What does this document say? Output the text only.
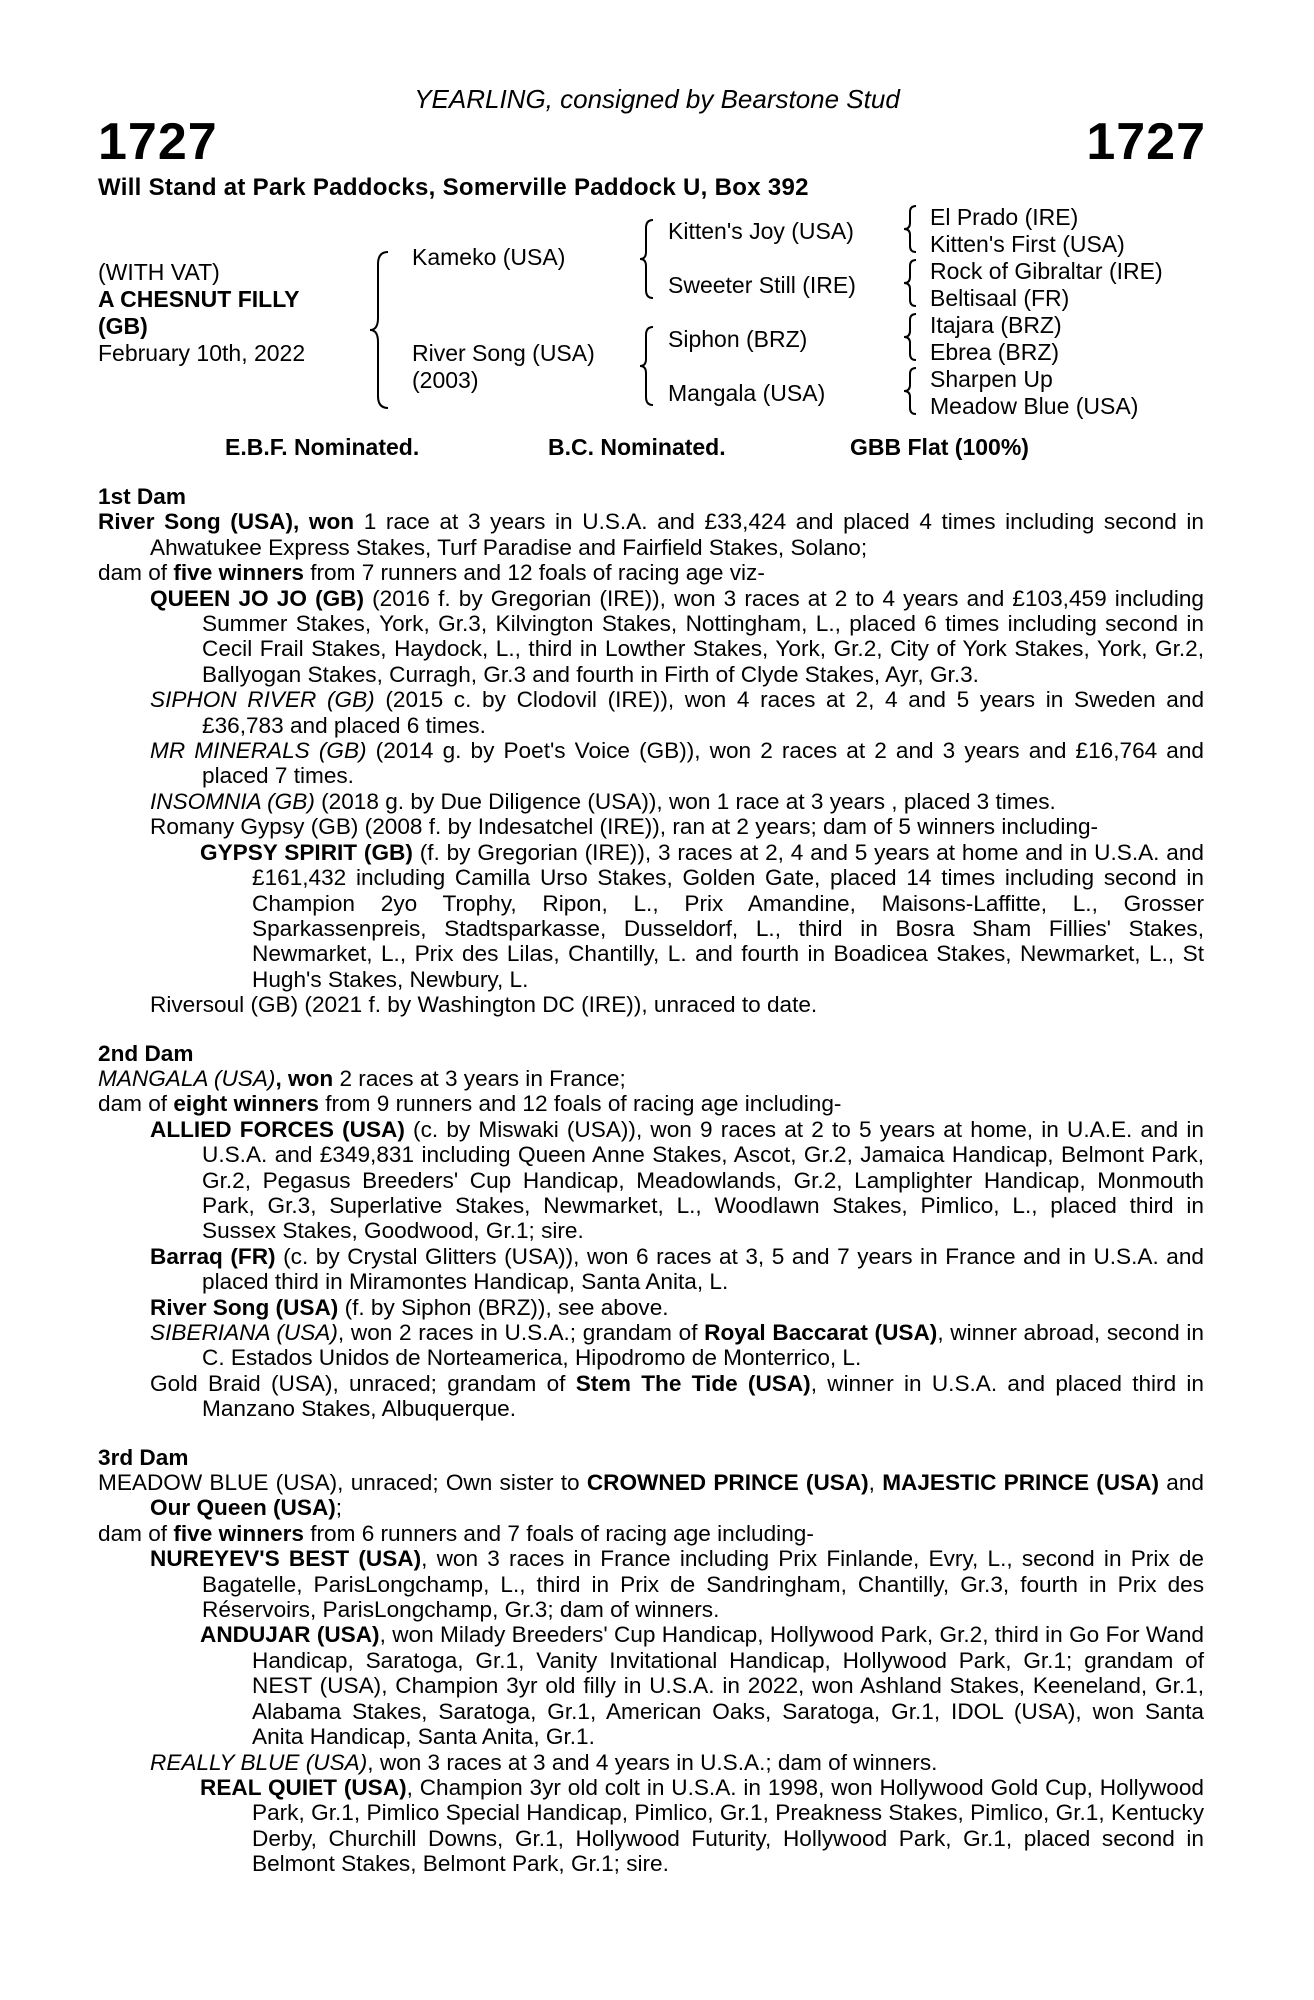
YEARLING, consigned by Bearstone Stud
1727	1727
Will Stand at Park Paddocks, Somerville Paddock U, Box 392
(WITH VAT)
A CHESNUT FILLY
(GB)
February 10th, 2022
Kameko (USA)
River Song (USA)
(2003)
Kitten's Joy (USA)
Sweeter Still (IRE)
Siphon (BRZ)
Mangala (USA)
El Prado (IRE)
Kitten's First (USA)
Rock of Gibraltar (IRE)
Beltisaal (FR)
Itajara (BRZ)
Ebrea (BRZ)
Sharpen Up
Meadow Blue (USA)
E.B.F. Nominated.	B.C. Nominated.	GBB Flat (100%)
1st Dam

River Song (USA), won 1 race at 3 years in U.S.A. and £33,424 and placed 4 times including second in Ahwatukee Express Stakes, Turf Paradise and Fairfield Stakes, Solano;

dam of five winners from 7 runners and 12 foals of racing age viz-

QUEEN JO JO (GB) (2016 f. by Gregorian (IRE)), won 3 races at 2 to 4 years and £103,459 including Summer Stakes, York, Gr.3, Kilvington Stakes, Nottingham, L., placed 6 times including second in Cecil Frail Stakes, Haydock, L., third in Lowther Stakes, York, Gr.2, City of York Stakes, York, Gr.2, Ballyogan Stakes, Curragh, Gr.3 and fourth in Firth of Clyde Stakes, Ayr, Gr.3.

SIPHON RIVER (GB) (2015 c. by Clodovil (IRE)), won 4 races at 2, 4 and 5 years in Sweden and £36,783 and placed 6 times.

MR MINERALS (GB) (2014 g. by Poet's Voice (GB)), won 2 races at 2 and 3 years and £16,764 and placed 7 times.

INSOMNIA (GB) (2018 g. by Due Diligence (USA)), won 1 race at 3 years , placed 3 times.

Romany Gypsy (GB) (2008 f. by Indesatchel (IRE)), ran at 2 years; dam of 5 winners including-

GYPSY SPIRIT (GB) (f. by Gregorian (IRE)), 3 races at 2, 4 and 5 years at home and in U.S.A. and £161,432 including Camilla Urso Stakes, Golden Gate, placed 14 times including second in Champion 2yo Trophy, Ripon, L., Prix Amandine, Maisons-Laffitte, L., Grosser Sparkassenpreis, Stadtsparkasse, Dusseldorf, L., third in Bosra Sham Fillies' Stakes, Newmarket, L., Prix des Lilas, Chantilly, L. and fourth in Boadicea Stakes, Newmarket, L., St Hugh's Stakes, Newbury, L.

Riversoul (GB) (2021 f. by Washington DC (IRE)), unraced to date.

2nd Dam

MANGALA (USA), won 2 races at 3 years in France;

dam of eight winners from 9 runners and 12 foals of racing age including-

ALLIED FORCES (USA) (c. by Miswaki (USA)), won 9 races at 2 to 5 years at home, in U.A.E. and in U.S.A. and £349,831 including Queen Anne Stakes, Ascot, Gr.2, Jamaica Handicap, Belmont Park, Gr.2, Pegasus Breeders' Cup Handicap, Meadowlands, Gr.2, Lamplighter Handicap, Monmouth Park, Gr.3, Superlative Stakes, Newmarket, L., Woodlawn Stakes, Pimlico, L., placed third in Sussex Stakes, Goodwood, Gr.1; sire.

Barraq (FR) (c. by Crystal Glitters (USA)), won 6 races at 3, 5 and 7 years in France and in U.S.A. and placed third in Miramontes Handicap, Santa Anita, L.

River Song (USA) (f. by Siphon (BRZ)), see above.

SIBERIANA (USA), won 2 races in U.S.A.; grandam of Royal Baccarat (USA), winner abroad, second in C. Estados Unidos de Norteamerica, Hipodromo de Monterrico, L.

Gold Braid (USA), unraced; grandam of Stem The Tide (USA), winner in U.S.A. and placed third in Manzano Stakes, Albuquerque.

3rd Dam

MEADOW BLUE (USA), unraced; Own sister to CROWNED PRINCE (USA), MAJESTIC PRINCE (USA) and Our Queen (USA);

dam of five winners from 6 runners and 7 foals of racing age including-

NUREYEV'S BEST (USA), won 3 races in France including Prix Finlande, Evry, L., second in Prix de Bagatelle, ParisLongchamp, L., third in Prix de Sandringham, Chantilly, Gr.3, fourth in Prix des Réservoirs, ParisLongchamp, Gr.3; dam of winners.

ANDUJAR (USA), won Milady Breeders' Cup Handicap, Hollywood Park, Gr.2, third in Go For Wand Handicap, Saratoga, Gr.1, Vanity Invitational Handicap, Hollywood Park, Gr.1; grandam of NEST (USA), Champion 3yr old filly in U.S.A. in 2022, won Ashland Stakes, Keeneland, Gr.1, Alabama Stakes, Saratoga, Gr.1, American Oaks, Saratoga, Gr.1, IDOL (USA), won Santa Anita Handicap, Santa Anita, Gr.1.

REALLY BLUE (USA), won 3 races at 3 and 4 years in U.S.A.; dam of winners.

REAL QUIET (USA), Champion 3yr old colt in U.S.A. in 1998, won Hollywood Gold Cup, Hollywood Park, Gr.1, Pimlico Special Handicap, Pimlico, Gr.1, Preakness Stakes, Pimlico, Gr.1, Kentucky Derby, Churchill Downs, Gr.1, Hollywood Futurity, Hollywood Park, Gr.1, placed second in Belmont Stakes, Belmont Park, Gr.1; sire.
